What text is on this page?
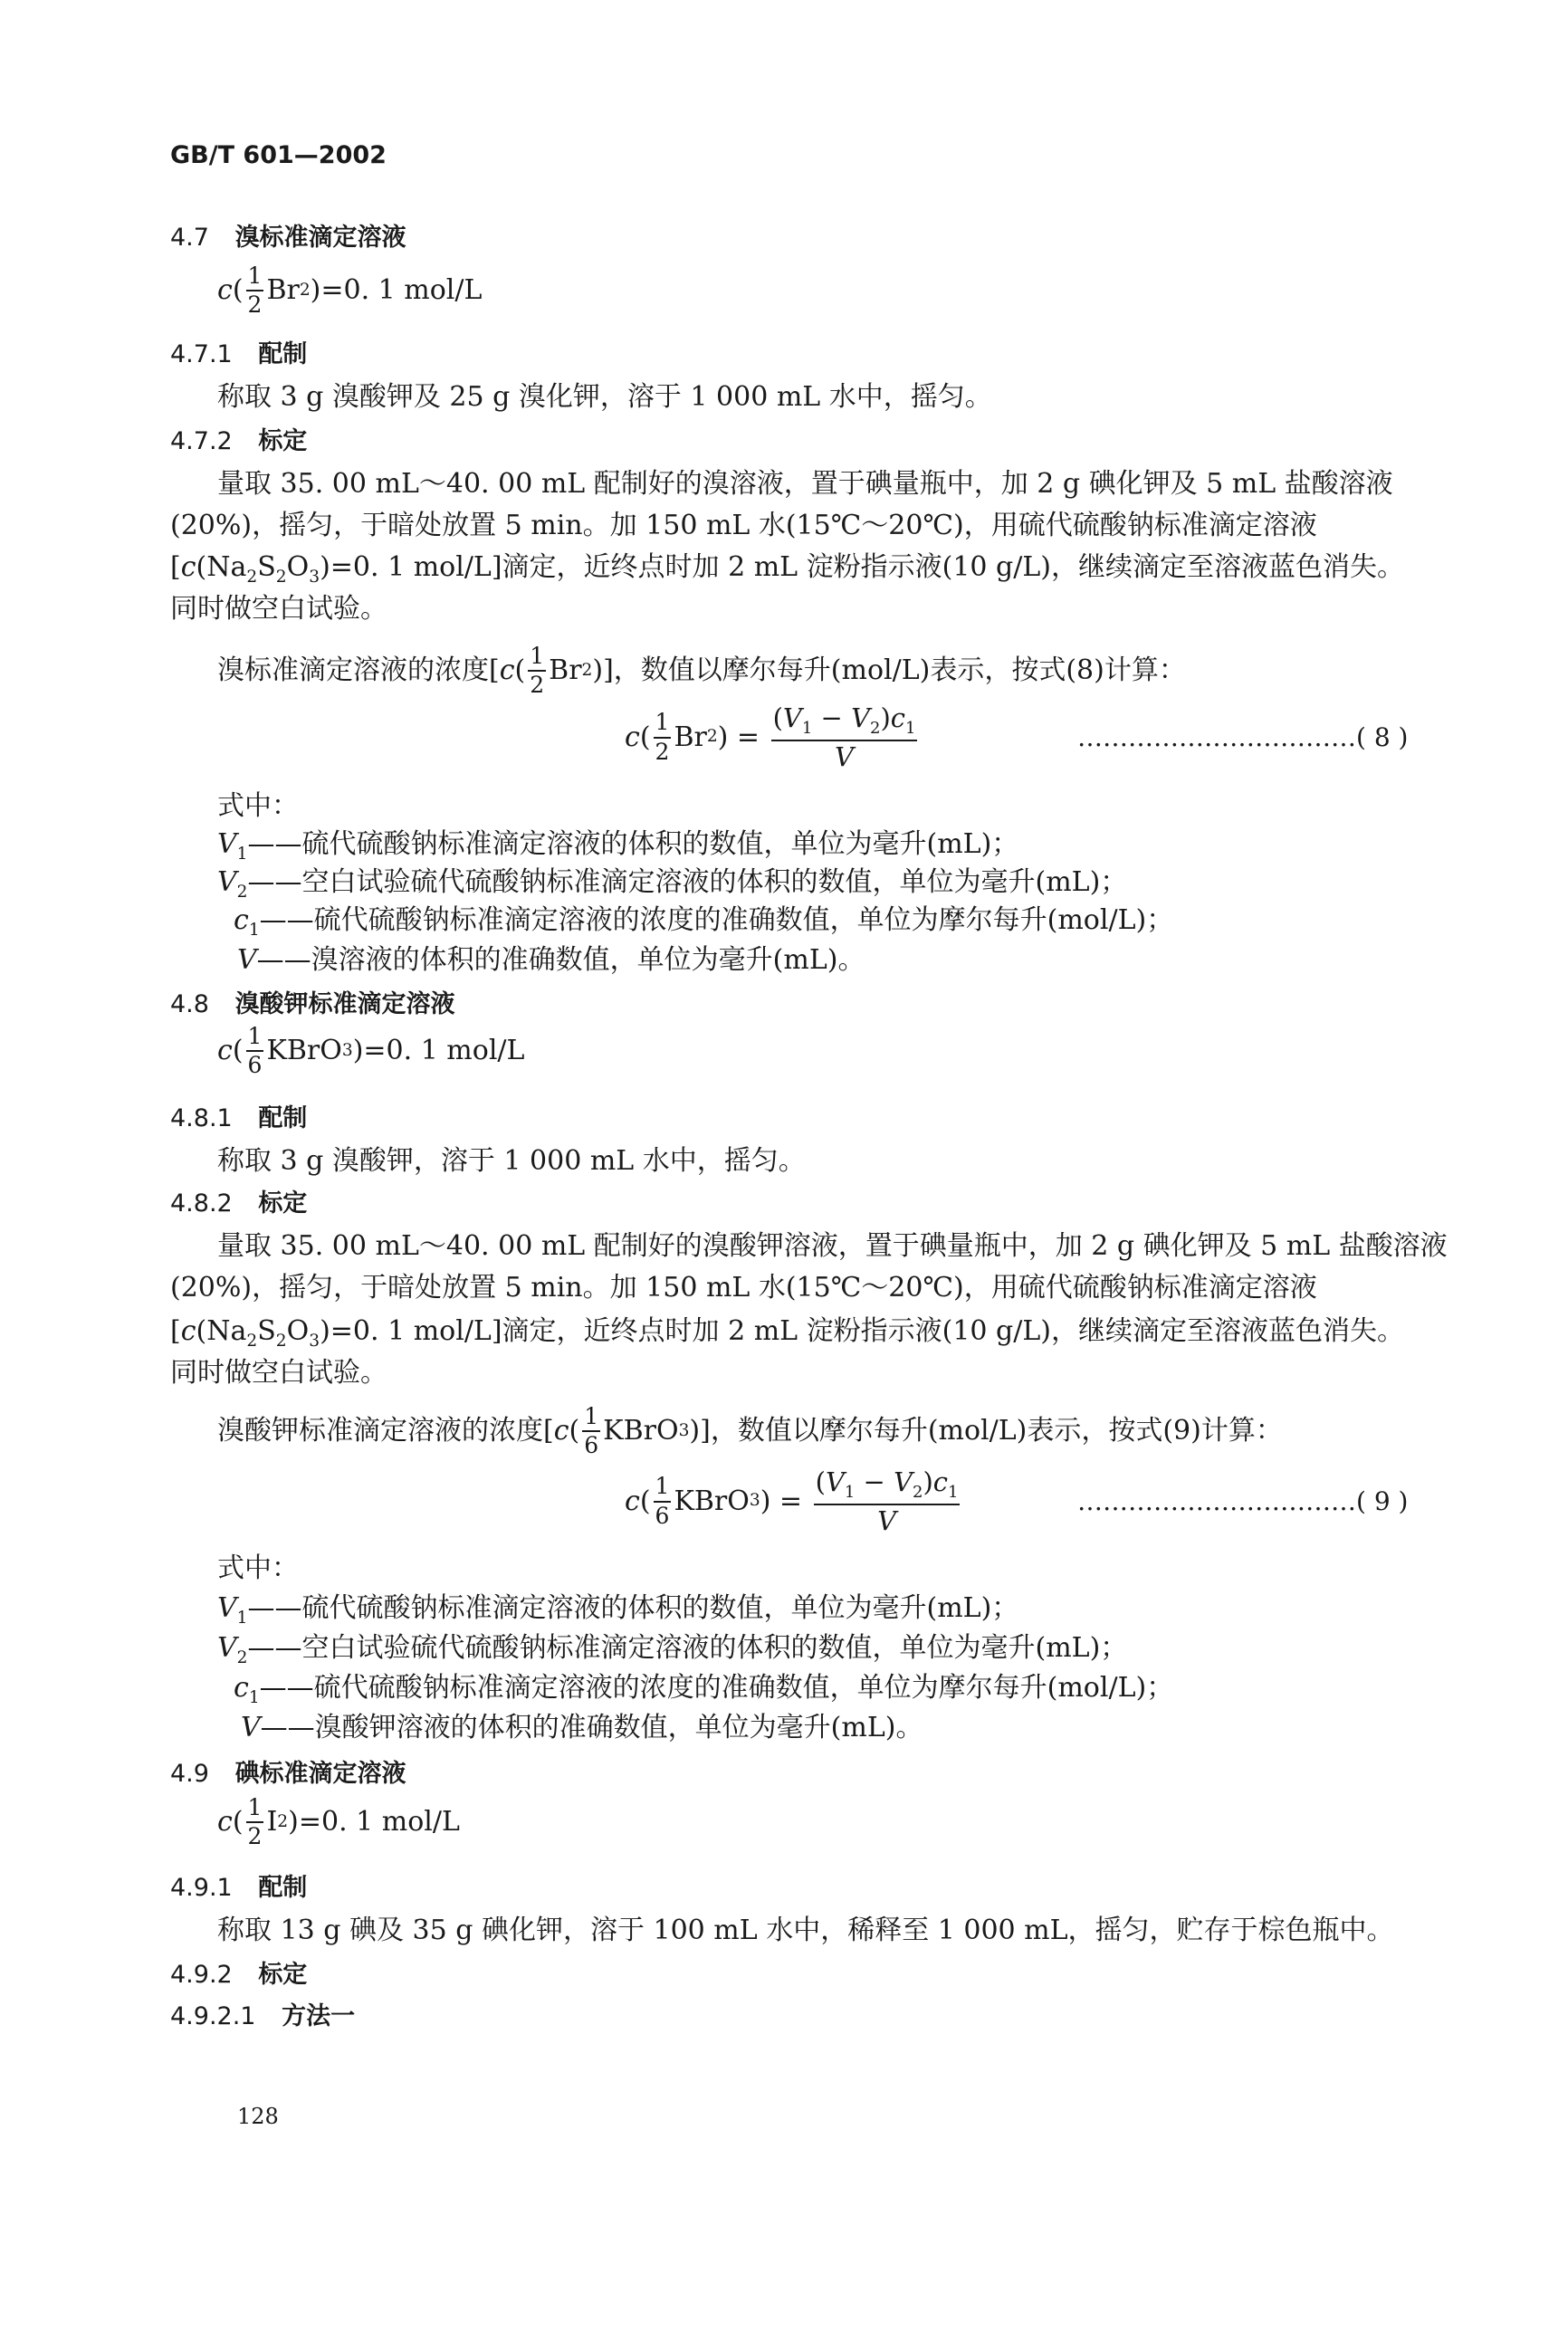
GB/T 601—2002
4.7 溴标准滴定溶液
c ( $\frac{1}{2}$ Br 2 )=0. 1 mol/L
4.7.1 配制
称取 3 g 溴酸钾及 25 g 溴化钾，溶于 1 000 mL 水中，摇匀。
4.7.2 标定
量取 35. 00 mL～40. 00 mL 配制好的溴溶液，置于碘量瓶中，加 2 g 碘化钾及 5 mL 盐酸溶液
(20%)，摇匀，于暗处放置 5 min。加 150 mL 水(15℃～20℃)，用硫代硫酸钠标准滴定溶液
[$c(Na_2S_2O_3)=0$. 1 mol/L]滴定，近终点时加 2 mL 淀粉指示液(10 g/L)，继续滴定至溶液蓝色消失。
同时做空白试验。
溴标准滴定溶液的浓度[ c ( $\frac{1}{2}$ Br 2 )]，数值以摩尔每升(mol/L)表示，按式(8)计算：
c ( $\frac{1}{2}$ Br 2 ) = $\frac{(V_1 - V_2)c_1}{V}$	……………………………( 8 )
式中：
$V_1——$硫代硫酸钠标准滴定溶液的体积的数值，单位为毫升(mL)；
$V_2——$空白试验硫代硫酸钠标准滴定溶液的体积的数值，单位为毫升(mL)；
$c_1——$硫代硫酸钠标准滴定溶液的浓度的准确数值，单位为摩尔每升(mol/L)；
V——溴溶液的体积的准确数值，单位为毫升(mL)。
4.8 溴酸钾标准滴定溶液
c ( $\frac{1}{6}$ KBrO 3 )=0. 1 mol/L
4.8.1 配制
称取 3 g 溴酸钾，溶于 1 000 mL 水中，摇匀。
4.8.2 标定
量取 35. 00 mL～40. 00 mL 配制好的溴酸钾溶液，置于碘量瓶中，加 2 g 碘化钾及 5 mL 盐酸溶液
(20%)，摇匀，于暗处放置 5 min。加 150 mL 水(15℃～20℃)，用硫代硫酸钠标准滴定溶液
[$c(Na_2S_2O_3)=0$. 1 mol/L]滴定，近终点时加 2 mL 淀粉指示液(10 g/L)，继续滴定至溶液蓝色消失。
同时做空白试验。
溴酸钾标准滴定溶液的浓度[ c ( $\frac{1}{6}$ KBrO 3 )]，数值以摩尔每升(mol/L)表示，按式(9)计算：
c ( $\frac{1}{6}$ KBrO 3 ) = $\frac{(V_1 - V_2)c_1}{V}$	……………………………( 9 )
式中：
$V_1——$硫代硫酸钠标准滴定溶液的体积的数值，单位为毫升(mL)；
$V_2——$空白试验硫代硫酸钠标准滴定溶液的体积的数值，单位为毫升(mL)；
$c_1——$硫代硫酸钠标准滴定溶液的浓度的准确数值，单位为摩尔每升(mol/L)；
V——溴酸钾溶液的体积的准确数值，单位为毫升(mL)。
4.9 碘标准滴定溶液
c ( $\frac{1}{2}$ I 2 )=0. 1 mol/L
4.9.1 配制
称取 13 g 碘及 35 g 碘化钾，溶于 100 mL 水中，稀释至 1 000 mL，摇匀，贮存于棕色瓶中。
4.9.2 标定
4.9.2.1 方法一
128
